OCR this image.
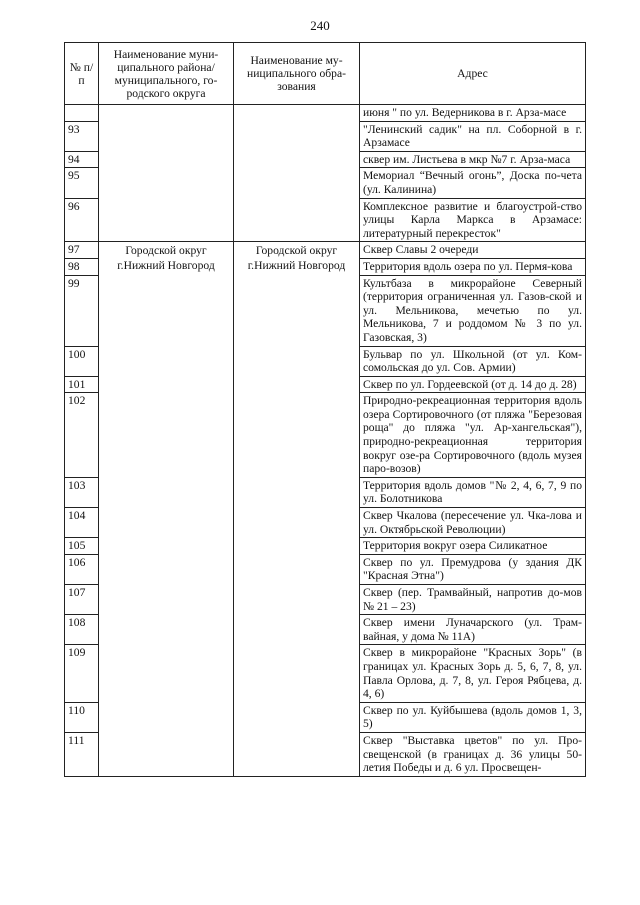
240
№ п/п	Наименование муни-ципального района/ муниципального, го-родского округа	Наименование му-ниципального обра-зования	Адрес
			июня " по ул. Ведерникова в г. Арза-масе
93			"Ленинский садик" на пл. Соборной в г. Арзамасе
94			сквер им. Листьева в мкр №7 г. Арза-маса
95			Мемориал “Вечный огонь”, Доска по-чета (ул. Калинина)
96			Комплексное развитие и благоустрой-ство улицы Карла Маркса в Арзамасе: литературный перекресток"
97	Городской округ г.Нижний Новгород	Городской округ г.Нижний Новгород	Сквер Славы 2 очереди
98			Территория вдоль озера по ул. Пермя-кова
99			Культбаза в микрорайоне Северный (территория ограниченная ул. Газов-ской и ул. Мельникова, мечетью по ул. Мельникова, 7 и роддомом № 3 по ул. Газовская, 3)
100			Бульвар по ул. Школьной (от ул. Ком-сомольская до ул. Сов. Армии)
101			Сквер по ул. Гордеевской (от д. 14 до д. 28)
102			Природно-рекреационная территория вдоль озера Сортировочного (от пляжа "Березовая роща" до пляжа "ул. Ар-хангельская"), природно-рекреационная территория вокруг озе-ра Сортировочного (вдоль музея паро-возов)
103			Территория вдоль домов "№ 2, 4, 6, 7, 9 по ул. Болотникова
104			Сквер Чкалова (пересечение ул. Чка-лова и ул. Октябрьской Революции)
105			Территория вокруг озера Силикатное
106			Сквер по ул. Премудрова (у здания ДК "Красная Этна")
107			Сквер (пер. Трамвайный, напротив до-мов № 21 – 23)
108			Сквер имени Луначарского (ул. Трам-вайная, у дома № 11А)
109			Сквер в микрорайоне "Красных Зорь" (в границах ул. Красных Зорь д. 5, 6, 7, 8, ул. Павла Орлова, д. 7, 8, ул. Героя Рябцева, д. 4, 6)
110			Сквер по ул. Куйбышева (вдоль домов 1, 3, 5)
111			Сквер "Выставка цветов" по ул. Про-свещенской (в границах д. 36 улицы 50-летия Победы и д. 6 ул. Просвещен-
